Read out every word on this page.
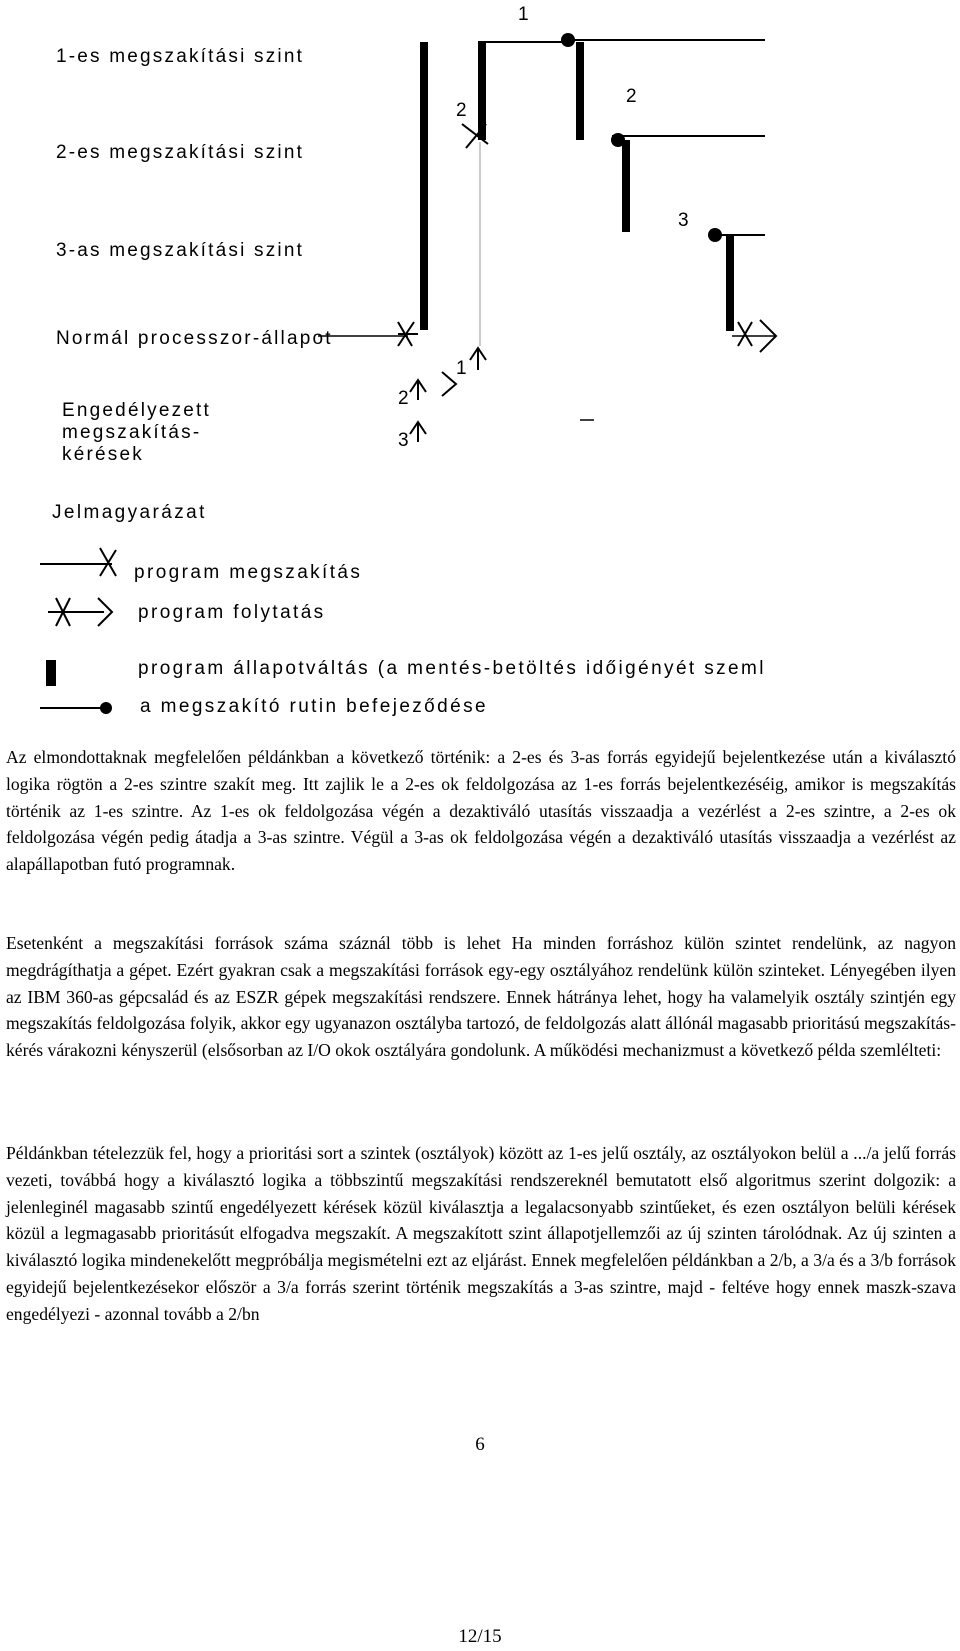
1-es megszakítási szint
2-es megszakítási szint
3-as megszakítási szint
Normál processzor-állapot
Engedélyezett
megszakítás-
kérések
1
2
2
3
1
2
3
Jelmagyarázat
program megszakítás
program folytatás
program állapotváltás (a mentés-betöltés időigényét szeml
a megszakító rutin befejeződése

Az elmondottaknak megfelelően példánkban a következő történik: a 2-es és 3-as forrás egyidejű bejelentkezése után a kiválasztó logika rögtön a 2-es szintre szakít meg. Itt zajlik le a 2-es ok feldolgozása az 1-es forrás bejelentkezéséig, amikor is megszakítás történik az 1-es szintre. Az 1-es ok feldolgozása végén a dezaktiváló utasítás visszaadja a vezérlést a 2-es szintre, a 2-es ok feldolgozása végén pedig átadja a 3-as szintre. Végül a 3-as ok feldolgozása végén a dezaktiváló utasítás visszaadja a vezérlést az alapállapotban futó programnak.

Esetenként a megszakítási források száma száznál több is lehet Ha minden forráshoz külön szintet rendelünk, az nagyon megdrágíthatja a gépet. Ezért gyakran csak a megszakítási források egy-egy osztályához rendelünk külön szinteket. Lényegében ilyen az IBM 360-as gépcsalád és az ESZR gépek megszakítási rendszere. Ennek hátránya lehet, hogy ha valamelyik osztály szintjén egy megszakítás feldolgozása folyik, akkor egy ugyanazon osztályba tartozó, de feldolgozás alatt állónál magasabb prioritású megszakítás-kérés várakozni kényszerül (elsősorban az I/O okok osztályára gondolunk. A működési mechanizmust a következő példa szemlélteti:

Példánkban tételezzük fel, hogy a prioritási sort a szintek (osztályok) között az 1-es jelű osztály, az osztályokon belül a .../a jelű forrás vezeti, továbbá hogy a kiválasztó logika a többszintű megszakítási rendszereknél bemutatott első algoritmus szerint dolgozik: a jelenleginél magasabb szintű engedélyezett kérések közül kiválasztja a legalacsonyabb szintűeket, és ezen osztályon belüli kérések közül a legmagasabb prioritásút elfogadva megszakít. A megszakított szint állapotjellemzői az új szinten tárolódnak. Az új szinten a kiválasztó logika mindenekelőtt megpróbálja megismételni ezt az eljárást. Ennek megfelelően példánkban a 2/b, a 3/a és a 3/b források egyidejű bejelentkezésekor először a 3/a forrás szerint történik megszakítás a 3-as szintre, majd - feltéve hogy ennek maszk-szava engedélyezi - azonnal tovább a 2/bn

6
12/15
